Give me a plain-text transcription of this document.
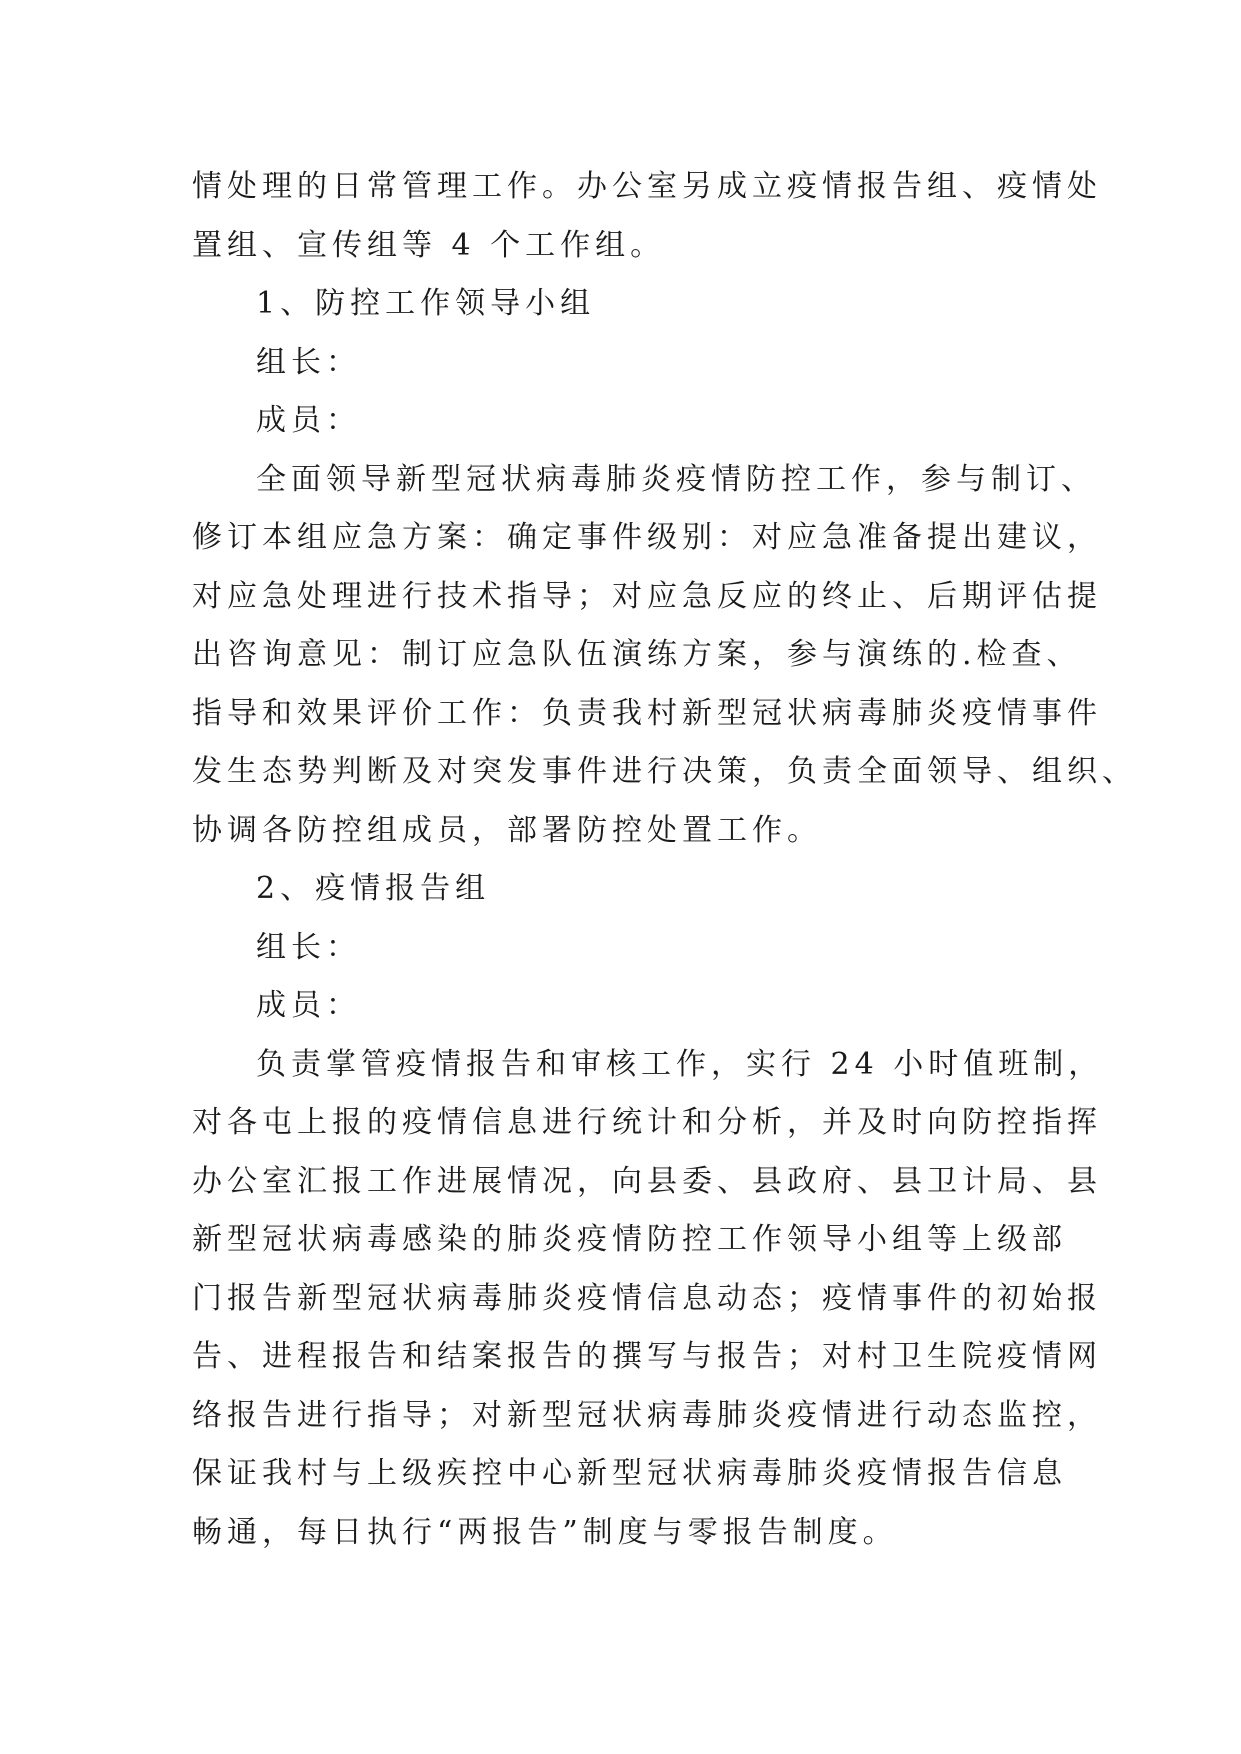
情处理的日常管理工作。办公室另成立疫情报告组、疫情处
置组、宣传组等 4 个工作组。
1、防控工作领导小组
组长：
成员：
全面领导新型冠状病毒肺炎疫情防控工作，参与制订、
修订本组应急方案：确定事件级别：对应急准备提出建议，
对应急处理进行技术指导；对应急反应的终止、后期评估提
出咨询意见：制订应急队伍演练方案，参与演练的.检查、
指导和效果评价工作：负责我村新型冠状病毒肺炎疫情事件
发生态势判断及对突发事件进行决策，负责全面领导、组织、
协调各防控组成员，部署防控处置工作。
2、疫情报告组
组长：
成员：
负责掌管疫情报告和审核工作，实行 24 小时值班制，
对各屯上报的疫情信息进行统计和分析，并及时向防控指挥
办公室汇报工作进展情况，向县委、县政府、县卫计局、县
新型冠状病毒感染的肺炎疫情防控工作领导小组等上级部
门报告新型冠状病毒肺炎疫情信息动态；疫情事件的初始报
告、进程报告和结案报告的撰写与报告；对村卫生院疫情网
络报告进行指导；对新型冠状病毒肺炎疫情进行动态监控，
保证我村与上级疾控中心新型冠状病毒肺炎疫情报告信息
畅通，每日执行“两报告”制度与零报告制度。
